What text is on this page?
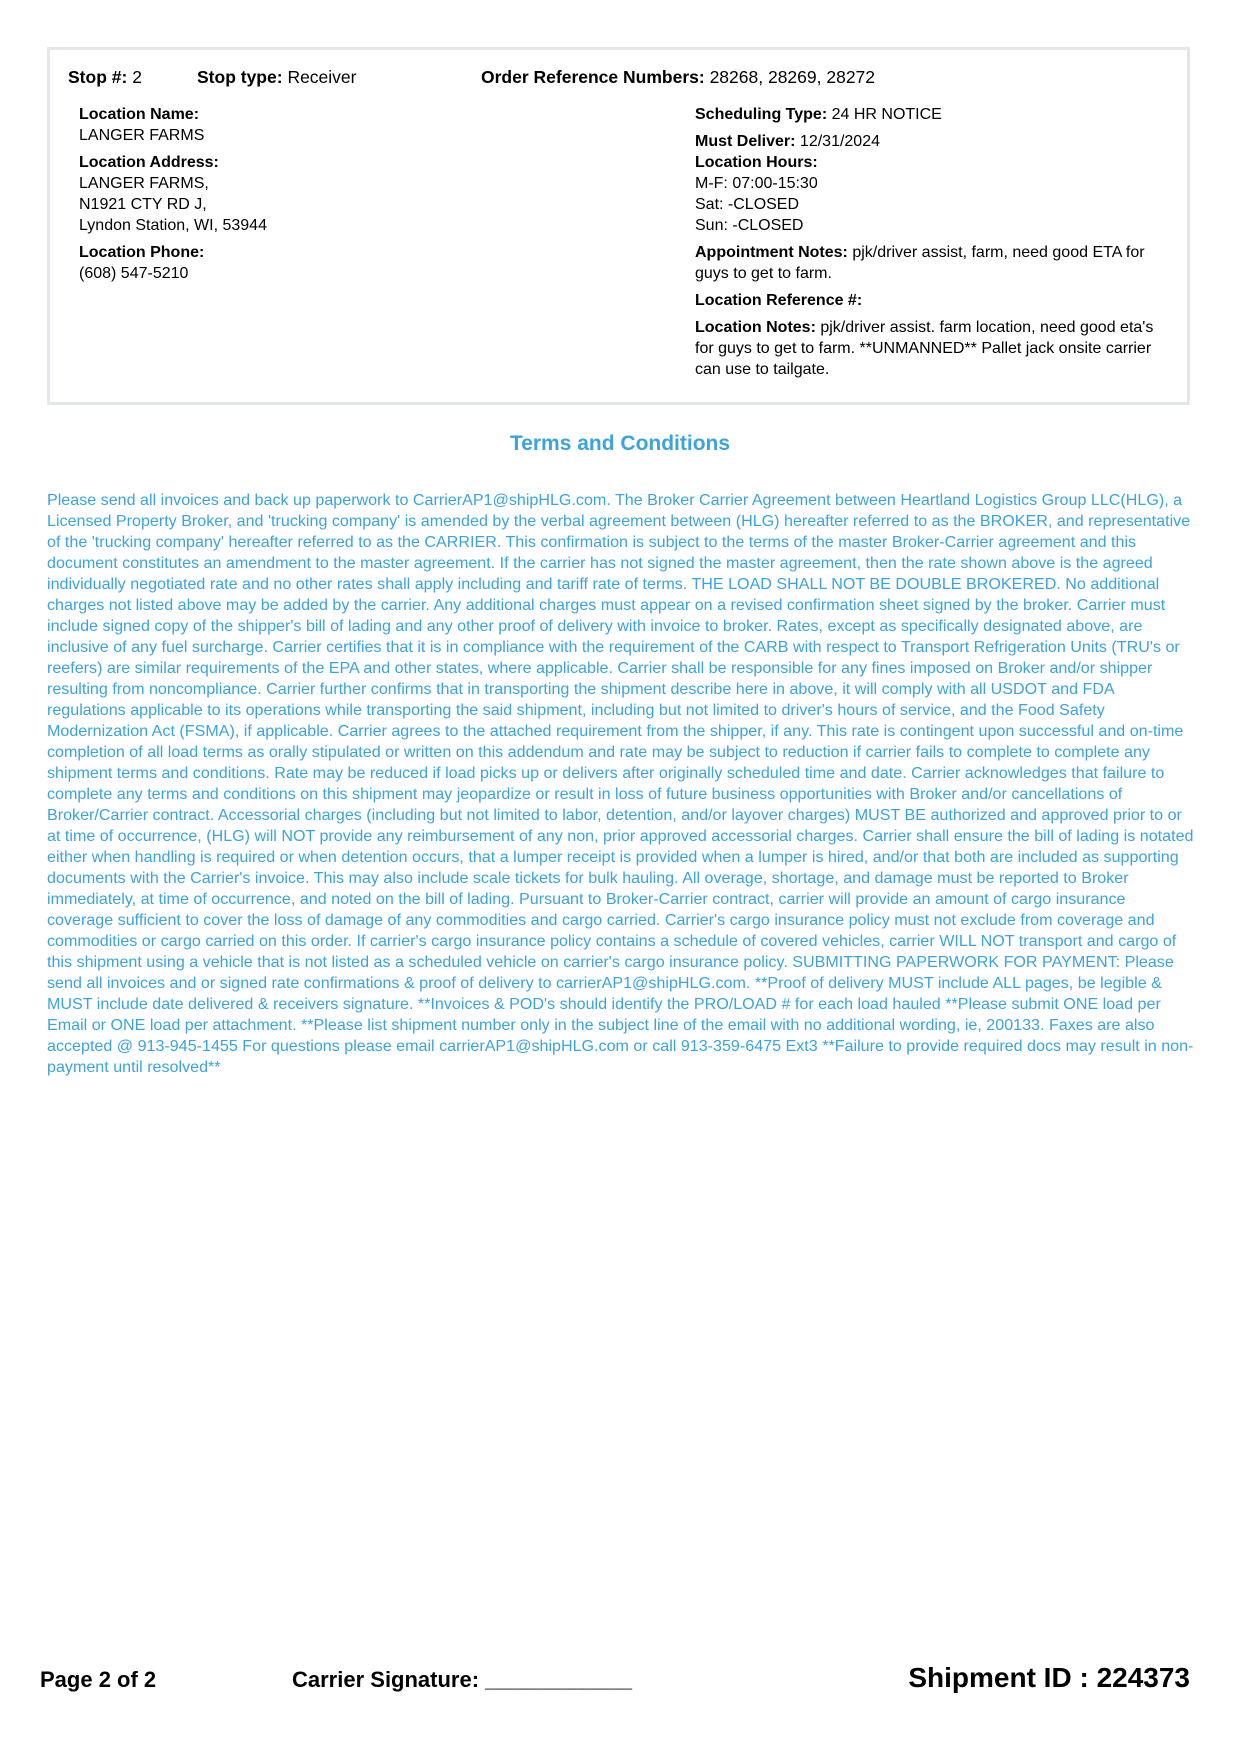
Stop #: 2	Stop type: Receiver	Order Reference Numbers: 28268, 28269, 28272
Location Name:
LANGER FARMS
Location Address:
LANGER FARMS,
N1921 CTY RD J,
Lyndon Station, WI, 53944
Location Phone:
(608) 547-5210
Scheduling Type: 24 HR NOTICE
Must Deliver: 12/31/2024
Location Hours:
M-F: 07:00-15:30
Sat: -CLOSED
Sun: -CLOSED
Appointment Notes: pjk/driver assist, farm, need good ETA for guys to get to farm.
Location Reference #:
Location Notes: pjk/driver assist. farm location, need good eta's for guys to get to farm. **UNMANNED** Pallet jack onsite carrier can use to tailgate.
Terms and Conditions
Please send all invoices and back up paperwork to CarrierAP1@shipHLG.com. The Broker Carrier Agreement between Heartland Logistics Group LLC(HLG), a Licensed Property Broker, and 'trucking company' is amended by the verbal agreement between (HLG) hereafter referred to as the BROKER, and representative of the 'trucking company' hereafter referred to as the CARRIER. This confirmation is subject to the terms of the master Broker-Carrier agreement and this document constitutes an amendment to the master agreement. If the carrier has not signed the master agreement, then the rate shown above is the agreed individually negotiated rate and no other rates shall apply including and tariff rate of terms. THE LOAD SHALL NOT BE DOUBLE BROKERED. No additional charges not listed above may be added by the carrier. Any additional charges must appear on a revised confirmation sheet signed by the broker. Carrier must include signed copy of the shipper's bill of lading and any other proof of delivery with invoice to broker. Rates, except as specifically designated above, are inclusive of any fuel surcharge. Carrier certifies that it is in compliance with the requirement of the CARB with respect to Transport Refrigeration Units (TRU's or reefers) are similar requirements of the EPA and other states, where applicable. Carrier shall be responsible for any fines imposed on Broker and/or shipper resulting from noncompliance. Carrier further confirms that in transporting the shipment describe here in above, it will comply with all USDOT and FDA regulations applicable to its operations while transporting the said shipment, including but not limited to driver's hours of service, and the Food Safety Modernization Act (FSMA), if applicable. Carrier agrees to the attached requirement from the shipper, if any. This rate is contingent upon successful and on-time completion of all load terms as orally stipulated or written on this addendum and rate may be subject to reduction if carrier fails to complete to complete any shipment terms and conditions. Rate may be reduced if load picks up or delivers after originally scheduled time and date. Carrier acknowledges that failure to complete any terms and conditions on this shipment may jeopardize or result in loss of future business opportunities with Broker and/or cancellations of Broker/Carrier contract. Accessorial charges (including but not limited to labor, detention, and/or layover charges) MUST BE authorized and approved prior to or at time of occurrence, (HLG) will NOT provide any reimbursement of any non, prior approved accessorial charges. Carrier shall ensure the bill of lading is notated either when handling is required or when detention occurs, that a lumper receipt is provided when a lumper is hired, and/or that both are included as supporting documents with the Carrier's invoice. This may also include scale tickets for bulk hauling. All overage, shortage, and damage must be reported to Broker immediately, at time of occurrence, and noted on the bill of lading. Pursuant to Broker-Carrier contract, carrier will provide an amount of cargo insurance coverage sufficient to cover the loss of damage of any commodities and cargo carried. Carrier's cargo insurance policy must not exclude from coverage and commodities or cargo carried on this order. If carrier's cargo insurance policy contains a schedule of covered vehicles, carrier WILL NOT transport and cargo of this shipment using a vehicle that is not listed as a scheduled vehicle on carrier's cargo insurance policy. SUBMITTING PAPERWORK FOR PAYMENT: Please send all invoices and or signed rate confirmations & proof of delivery to carrierAP1@shipHLG.com. **Proof of delivery MUST include ALL pages, be legible & MUST include date delivered & receivers signature. **Invoices & POD's should identify the PRO/LOAD # for each load hauled **Please submit ONE load per Email or ONE load per attachment. **Please list shipment number only in the subject line of the email with no additional wording, ie, 200133. Faxes are also accepted @ 913-945-1455 For questions please email carrierAP1@shipHLG.com or call 913-359-6475 Ext3 **Failure to provide required docs may result in non-payment until resolved**
Page 2 of 2	Carrier Signature: ____________	Shipment ID : 224373
